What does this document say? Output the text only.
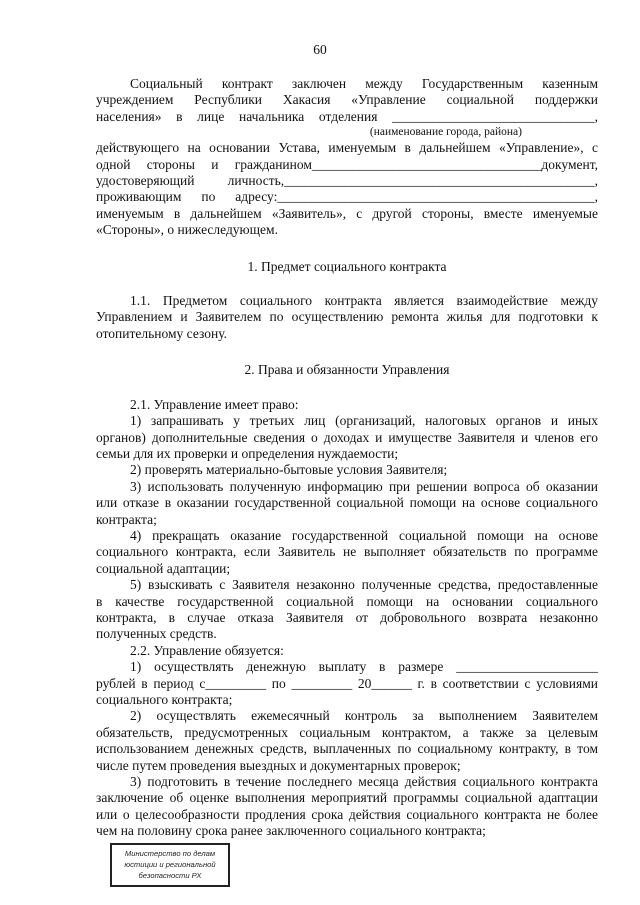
60
Социальный контракт заключен между Государственным казенным
учреждением Республики Хакасия «Управление социальной поддержки
населения» в лице начальника отделения ______________________________,
(наименование города, района)
действующего на основании Устава, именуемым в дальнейшем «Управление», с
одной стороны и гражданином__________________________________документ,
удостоверяющий личность,______________________________________________,
проживающим по адресу:_______________________________________________,
именуемым в дальнейшем «Заявитель», с другой стороны, вместе именуемые
«Стороны», о нижеследующем.
1. Предмет социального контракта
1.1. Предметом социального контракта является взаимодействие между
Управлением и Заявителем по осуществлению ремонта жилья для подготовки к
отопительному сезону.
2. Права и обязанности Управления
2.1. Управление имеет право:
1) запрашивать у третьих лиц (организаций, налоговых органов и иных
органов) дополнительные сведения о доходах и имуществе Заявителя и членов его
семьи для их проверки и определения нуждаемости;
2) проверять материально-бытовые условия Заявителя;
3) использовать полученную информацию при решении вопроса об оказании
или отказе в оказании государственной социальной помощи на основе социального
контракта;
4) прекращать оказание государственной социальной помощи на основе
социального контракта, если Заявитель не выполняет обязательств по программе
социальной адаптации;
5) взыскивать с Заявителя незаконно полученные средства, предоставленные
в качестве государственной социальной помощи на основании социального
контракта, в случае отказа Заявителя от добровольного возврата незаконно
полученных средств.
2.2. Управление обязуется:
1) осуществлять денежную выплату в размере _____________________
рублей в период с_________ по _________ 20______ г. в соответствии с условиями
социального контракта;
2) осуществлять ежемесячный контроль за выполнением Заявителем
обязательств, предусмотренных социальным контрактом, а также за целевым
использованием денежных средств, выплаченных по социальному контракту, в том
числе путем проведения выездных и документарных проверок;
3) подготовить в течение последнего месяца действия социального контракта
заключение об оценке выполнения мероприятий программы социальной адаптации
или о целесообразности продления срока действия социального контракта не более
чем на половину срока ранее заключенного социального контракта;
Министерство по делам
юстиции и региональной
безопасности РХ
